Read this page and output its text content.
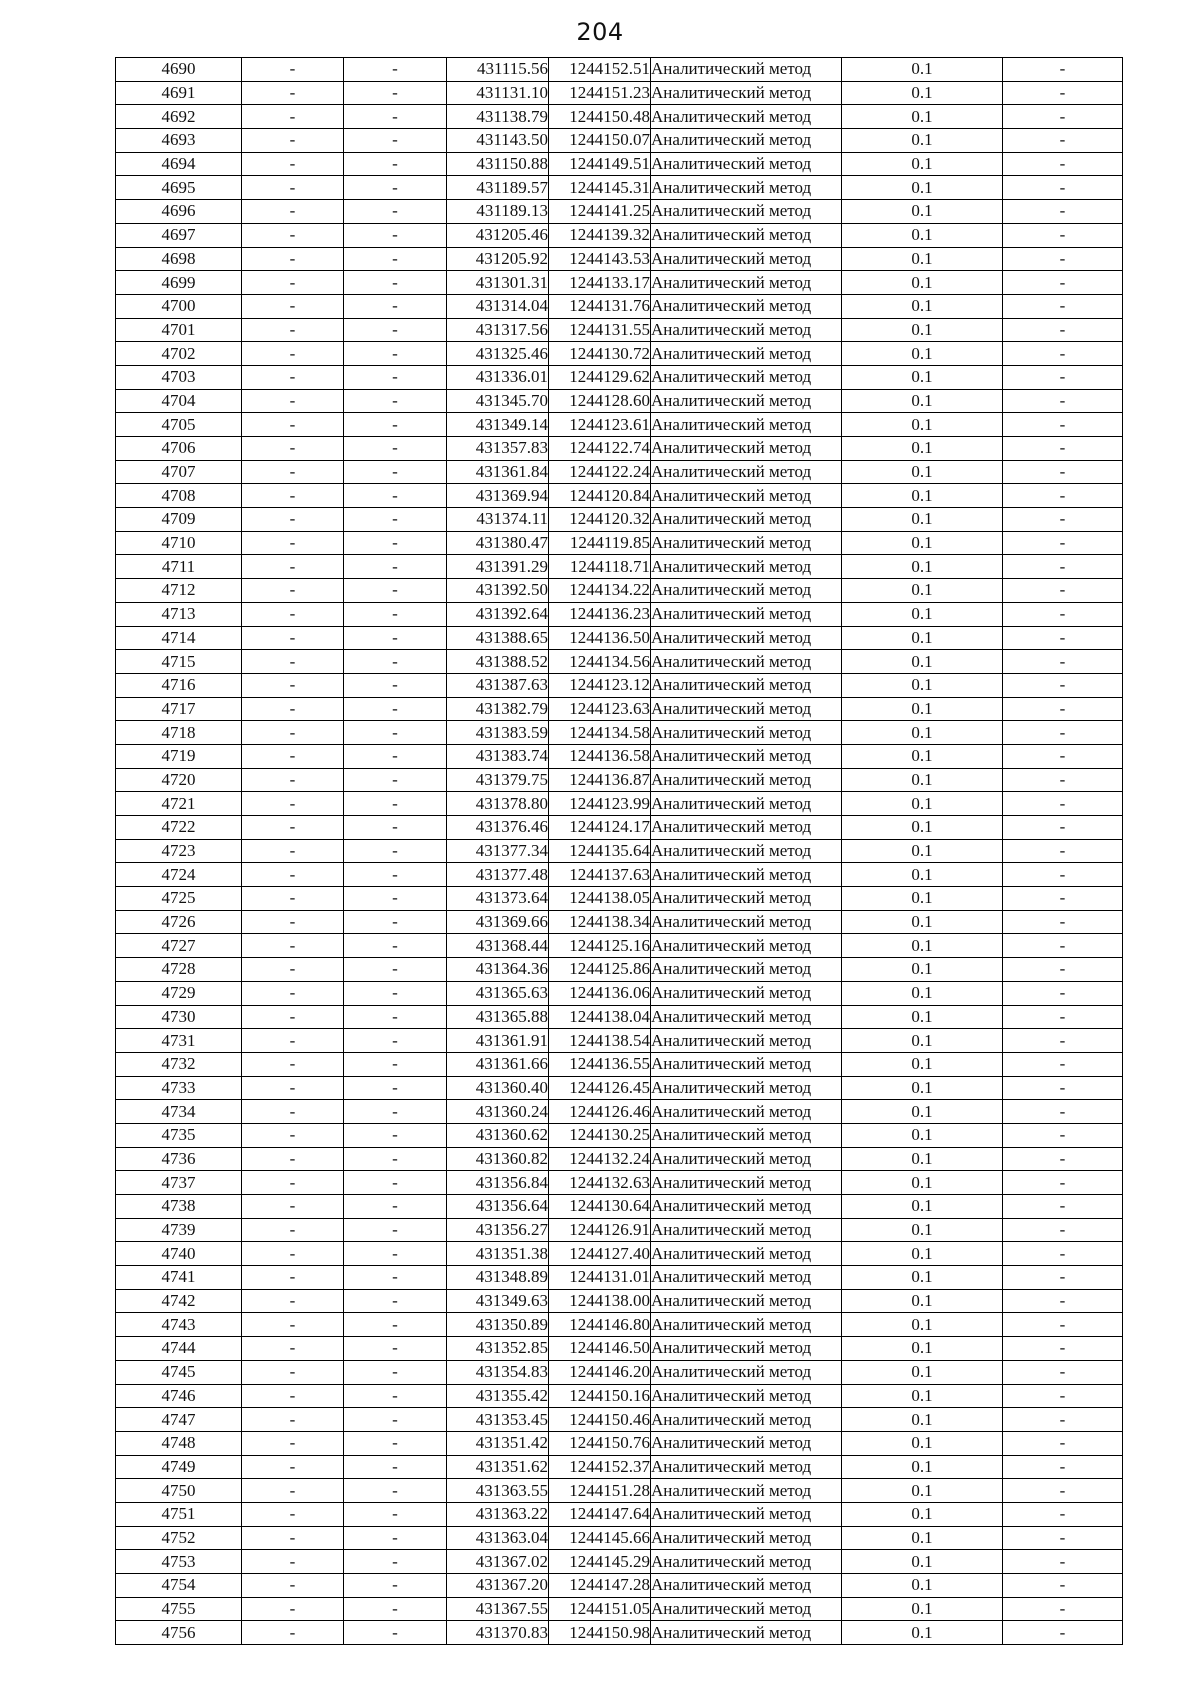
204
4690	-	-	431115.56	1244152.51	Аналитический метод	0.1	-
4691	-	-	431131.10	1244151.23	Аналитический метод	0.1	-
4692	-	-	431138.79	1244150.48	Аналитический метод	0.1	-
4693	-	-	431143.50	1244150.07	Аналитический метод	0.1	-
4694	-	-	431150.88	1244149.51	Аналитический метод	0.1	-
4695	-	-	431189.57	1244145.31	Аналитический метод	0.1	-
4696	-	-	431189.13	1244141.25	Аналитический метод	0.1	-
4697	-	-	431205.46	1244139.32	Аналитический метод	0.1	-
4698	-	-	431205.92	1244143.53	Аналитический метод	0.1	-
4699	-	-	431301.31	1244133.17	Аналитический метод	0.1	-
4700	-	-	431314.04	1244131.76	Аналитический метод	0.1	-
4701	-	-	431317.56	1244131.55	Аналитический метод	0.1	-
4702	-	-	431325.46	1244130.72	Аналитический метод	0.1	-
4703	-	-	431336.01	1244129.62	Аналитический метод	0.1	-
4704	-	-	431345.70	1244128.60	Аналитический метод	0.1	-
4705	-	-	431349.14	1244123.61	Аналитический метод	0.1	-
4706	-	-	431357.83	1244122.74	Аналитический метод	0.1	-
4707	-	-	431361.84	1244122.24	Аналитический метод	0.1	-
4708	-	-	431369.94	1244120.84	Аналитический метод	0.1	-
4709	-	-	431374.11	1244120.32	Аналитический метод	0.1	-
4710	-	-	431380.47	1244119.85	Аналитический метод	0.1	-
4711	-	-	431391.29	1244118.71	Аналитический метод	0.1	-
4712	-	-	431392.50	1244134.22	Аналитический метод	0.1	-
4713	-	-	431392.64	1244136.23	Аналитический метод	0.1	-
4714	-	-	431388.65	1244136.50	Аналитический метод	0.1	-
4715	-	-	431388.52	1244134.56	Аналитический метод	0.1	-
4716	-	-	431387.63	1244123.12	Аналитический метод	0.1	-
4717	-	-	431382.79	1244123.63	Аналитический метод	0.1	-
4718	-	-	431383.59	1244134.58	Аналитический метод	0.1	-
4719	-	-	431383.74	1244136.58	Аналитический метод	0.1	-
4720	-	-	431379.75	1244136.87	Аналитический метод	0.1	-
4721	-	-	431378.80	1244123.99	Аналитический метод	0.1	-
4722	-	-	431376.46	1244124.17	Аналитический метод	0.1	-
4723	-	-	431377.34	1244135.64	Аналитический метод	0.1	-
4724	-	-	431377.48	1244137.63	Аналитический метод	0.1	-
4725	-	-	431373.64	1244138.05	Аналитический метод	0.1	-
4726	-	-	431369.66	1244138.34	Аналитический метод	0.1	-
4727	-	-	431368.44	1244125.16	Аналитический метод	0.1	-
4728	-	-	431364.36	1244125.86	Аналитический метод	0.1	-
4729	-	-	431365.63	1244136.06	Аналитический метод	0.1	-
4730	-	-	431365.88	1244138.04	Аналитический метод	0.1	-
4731	-	-	431361.91	1244138.54	Аналитический метод	0.1	-
4732	-	-	431361.66	1244136.55	Аналитический метод	0.1	-
4733	-	-	431360.40	1244126.45	Аналитический метод	0.1	-
4734	-	-	431360.24	1244126.46	Аналитический метод	0.1	-
4735	-	-	431360.62	1244130.25	Аналитический метод	0.1	-
4736	-	-	431360.82	1244132.24	Аналитический метод	0.1	-
4737	-	-	431356.84	1244132.63	Аналитический метод	0.1	-
4738	-	-	431356.64	1244130.64	Аналитический метод	0.1	-
4739	-	-	431356.27	1244126.91	Аналитический метод	0.1	-
4740	-	-	431351.38	1244127.40	Аналитический метод	0.1	-
4741	-	-	431348.89	1244131.01	Аналитический метод	0.1	-
4742	-	-	431349.63	1244138.00	Аналитический метод	0.1	-
4743	-	-	431350.89	1244146.80	Аналитический метод	0.1	-
4744	-	-	431352.85	1244146.50	Аналитический метод	0.1	-
4745	-	-	431354.83	1244146.20	Аналитический метод	0.1	-
4746	-	-	431355.42	1244150.16	Аналитический метод	0.1	-
4747	-	-	431353.45	1244150.46	Аналитический метод	0.1	-
4748	-	-	431351.42	1244150.76	Аналитический метод	0.1	-
4749	-	-	431351.62	1244152.37	Аналитический метод	0.1	-
4750	-	-	431363.55	1244151.28	Аналитический метод	0.1	-
4751	-	-	431363.22	1244147.64	Аналитический метод	0.1	-
4752	-	-	431363.04	1244145.66	Аналитический метод	0.1	-
4753	-	-	431367.02	1244145.29	Аналитический метод	0.1	-
4754	-	-	431367.20	1244147.28	Аналитический метод	0.1	-
4755	-	-	431367.55	1244151.05	Аналитический метод	0.1	-
4756	-	-	431370.83	1244150.98	Аналитический метод	0.1	-
